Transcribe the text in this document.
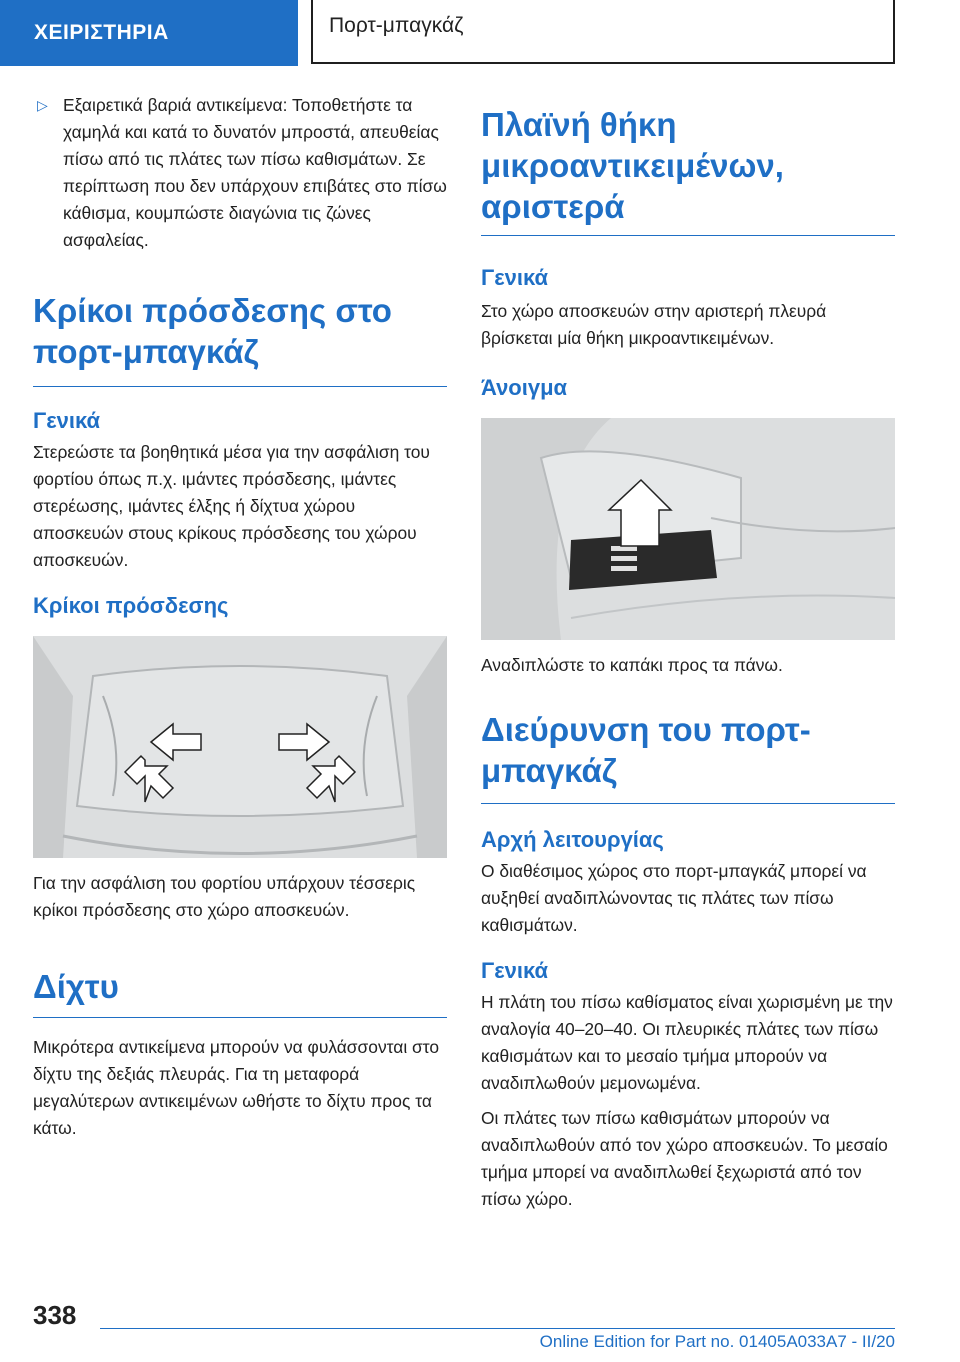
ΧΕΙΡΙΣΤΗΡΙΑ	Πορτ-μπαγκάζ
▷ Εξαιρετικά βαριά αντικείμενα: Τοποθετήστε τα χαμηλά και κατά το δυνατόν μπροστά, απευθείας πίσω από τις πλάτες των πίσω καθισμάτων. Σε περίπτωση που δεν υπάρχουν επιβάτες στο πίσω κάθισμα, κουμπώστε διαγώνια τις ζώνες ασφαλείας.
Κρίκοι πρόσδεσης στο πορτ-μπαγκάζ
Γενικά

Στερεώστε τα βοηθητικά μέσα για την ασφάλιση του φορτίου όπως π.χ. ιμάντες πρόσδεσης, ιμάντες στερέωσης, ιμάντες έλξης ή δίχτυα χώρου αποσκευών στους κρίκους πρόσδεσης του χώρου αποσκευών.

Κρίκοι πρόσδεσης

Για την ασφάλιση του φορτίου υπάρχουν τέσσερις κρίκοι πρόσδεσης στο χώρο αποσκευών.

Δίχτυ

Μικρότερα αντικείμενα μπορούν να φυλάσσονται στο δίχτυ της δεξιάς πλευράς. Για τη μεταφορά μεγαλύτερων αντικειμένων ωθήστε το δίχτυ προς τα κάτω.

Πλαϊνή θήκη μικροαντικειμένων, αριστερά
Γενικά

Στο χώρο αποσκευών στην αριστερή πλευρά βρίσκεται μία θήκη μικροαντικειμένων.

Άνοιγμα

Αναδιπλώστε το καπάκι προς τα πάνω.

Διεύρυνση του πορτ-μπαγκάζ
Αρχή λειτουργίας

Ο διαθέσιμος χώρος στο πορτ-μπαγκάζ μπορεί να αυξηθεί αναδιπλώνοντας τις πλάτες των πίσω καθισμάτων.

Γενικά

Η πλάτη του πίσω καθίσματος είναι χωρισμένη με την αναλογία 40–20–40. Οι πλευρικές πλάτες των πίσω καθισμάτων και το μεσαίο τμήμα μπορούν να αναδιπλωθούν μεμονωμένα.

Οι πλάτες των πίσω καθισμάτων μπορούν να αναδιπλωθούν από τον χώρο αποσκευών. Το μεσαίο τμήμα μπορεί να αναδιπλωθεί ξεχωριστά από τον πίσω χώρο.

338
Online Edition for Part no. 01405A033A7 - II/20
